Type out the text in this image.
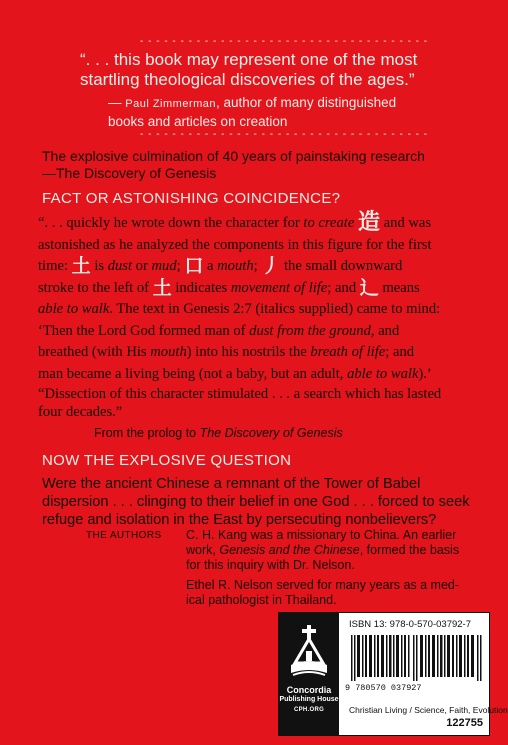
- - - - - - - - - - - - - - - - - - - - - - - - - - - - - - - - - - - -
“. . . this book may represent one of the most
startling theological discoveries of the ages.”
— Paul Zimmerman, author of many distinguished
books and articles on creation
- - - - - - - - - - - - - - - - - - - - - - - - - - - - - - - - - - - -
The explosive culmination of 40 years of painstaking research
—The Discovery of Genesis
FACT OR ASTONISHING COINCIDENCE?
“. . . quickly he wrote down the character for to create 造 and was
astonished as he analyzed the components in this figure for the first
time: 土 is dust or mud; 口 a mouth; 丿 the small downward
stroke to the left of 土 indicates movement of life; and 辶 means
able to walk. The text in Genesis 2:7 (italics supplied) came to mind:
‘Then the Lord God formed man of dust from the ground, and
breathed (with His mouth) into his nostrils the breath of life; and
man became a living being (not a baby, but an adult, able to walk).’
“Dissection of this character stimulated . . . a search which has lasted
four decades.”
From the prolog to The Discovery of Genesis
NOW THE EXPLOSIVE QUESTION
Were the ancient Chinese a remnant of the Tower of Babel
dispersion . . . clinging to their belief in one God . . . forced to seek
refuge and isolation in the East by persecuting nonbelievers?
THE AUTHORS C. H. Kang was a missionary to China. An earlier
work, Genesis and the Chinese, formed the basis
for this inquiry with Dr. Nelson.
Ethel R. Nelson served for many years as a med-
ical pathologist in Thailand.
Concordia
Publishing House
CPH.ORG
ISBN 13: 978-0-570-03792-7
9 780570 037927
Christian Living / Science, Faith, Evolution
122755
